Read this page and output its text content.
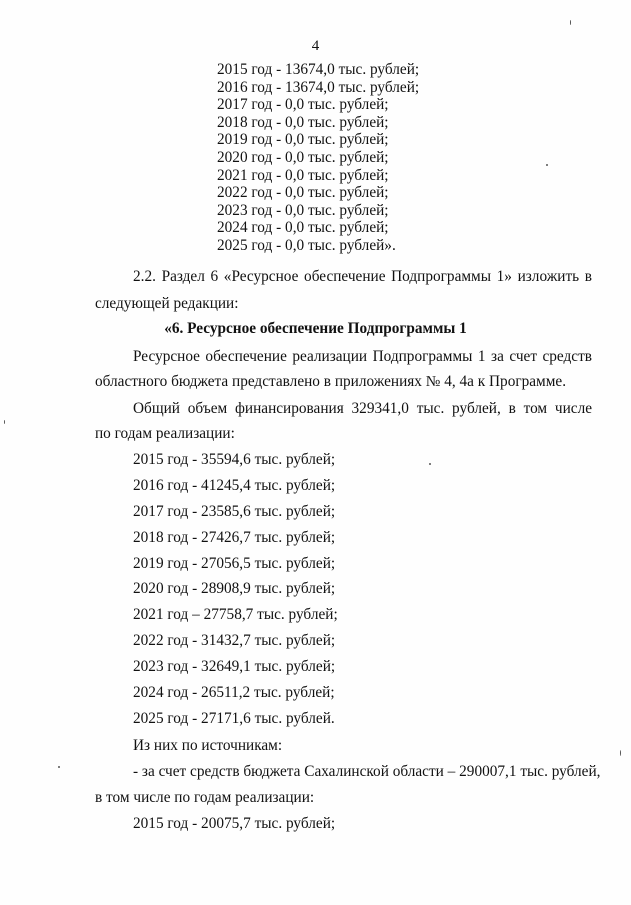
4
2015 год - 13674,0 тыс. рублей;
2016 год - 13674,0 тыс. рублей;
2017 год - 0,0 тыс. рублей;
2018 год - 0,0 тыс. рублей;
2019 год - 0,0 тыс. рублей;
2020 год - 0,0 тыс. рублей;
2021 год - 0,0 тыс. рублей;
2022 год - 0,0 тыс. рублей;
2023 год - 0,0 тыс. рублей;
2024 год - 0,0 тыс. рублей;
2025 год - 0,0 тыс. рублей».

2.2. Раздел 6 «Ресурсное обеспечение Подпрограммы 1» изложить в

следующей редакции:

«6. Ресурсное обеспечение Подпрограммы 1

Ресурсное обеспечение реализации Подпрограммы 1 за счет средств

областного бюджета представлено в приложениях № 4, 4а к Программе.

Общий объем финансирования 329341,0 тыс. рублей, в том числе

по годам реализации:

2015 год - 35594,6 тыс. рублей;
2016 год - 41245,4 тыс. рублей;
2017 год - 23585,6 тыс. рублей;
2018 год - 27426,7 тыс. рублей;
2019 год - 27056,5 тыс. рублей;
2020 год - 28908,9 тыс. рублей;
2021 год – 27758,7 тыс. рублей;
2022 год - 31432,7 тыс. рублей;
2023 год - 32649,1 тыс. рублей;
2024 год - 26511,2 тыс. рублей;
2025 год - 27171,6 тыс. рублей.

Из них по источникам:

- за счет средств бюджета Сахалинской области – 290007,1 тыс. рублей,

в том числе по годам реализации:

2015 год - 20075,7 тыс. рублей;
